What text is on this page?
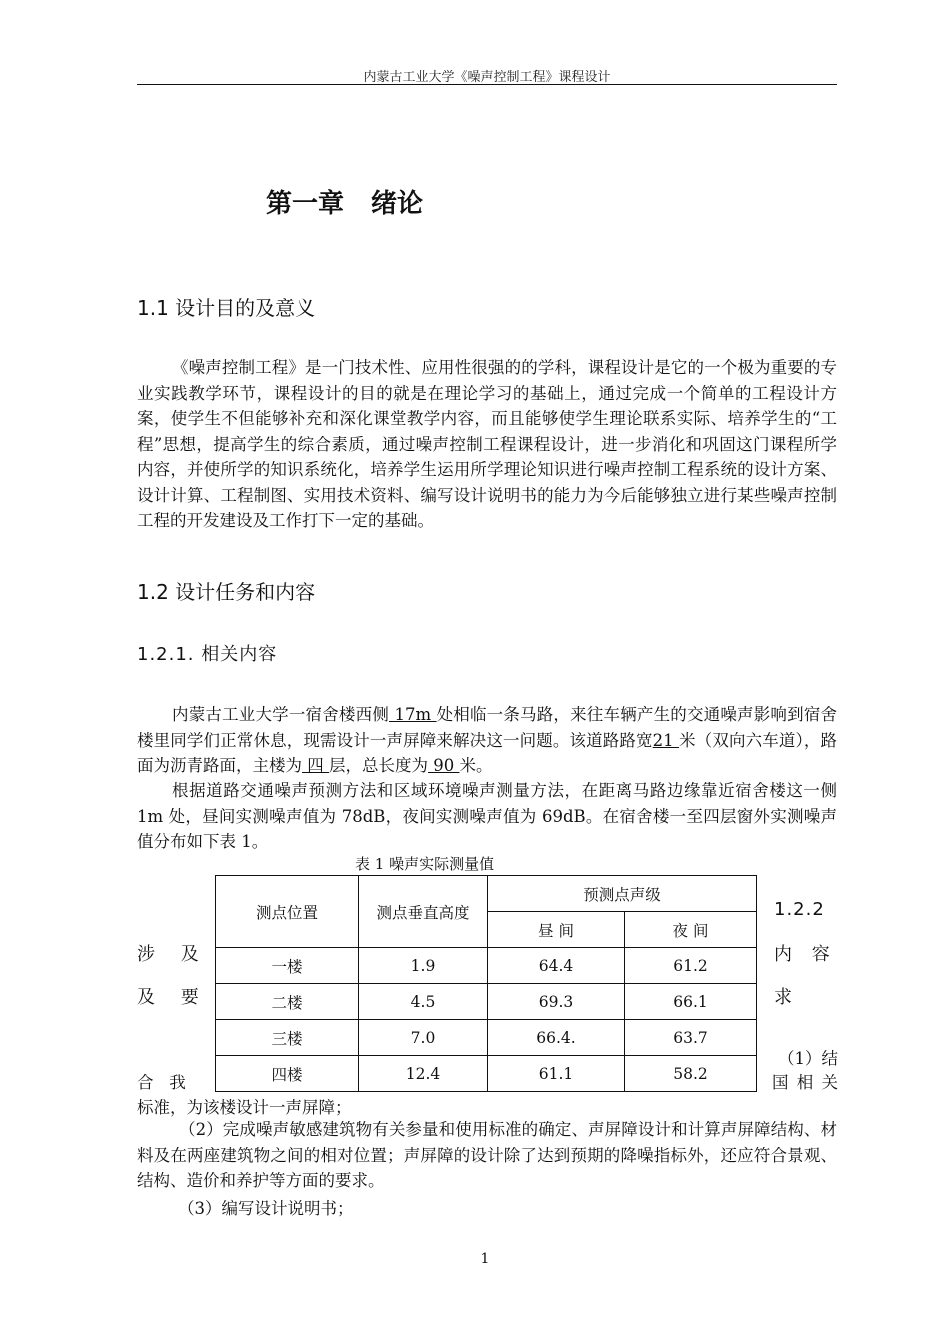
内蒙古工业大学《噪声控制工程》课程设计
第一章 绪论
1.1 设计目的及意义
《噪声控制工程》是一门技术性、应用性很强的的学科，课程设计是它的一个极为重要的专业实践教学环节，课程设计的目的就是在理论学习的基础上，通过完成一个简单的工程设计方案，使学生不但能够补充和深化课堂教学内容，而且能够使学生理论联系实际、培养学生的“工程”思想，提高学生的综合素质，通过噪声控制工程课程设计，进一步消化和巩固这门课程所学内容，并使所学的知识系统化，培养学生运用所学理论知识进行噪声控制工程系统的设计方案、设计计算、工程制图、实用技术资料、编写设计说明书的能力为今后能够独立进行某些噪声控制工程的开发建设及工作打下一定的基础。
1.2 设计任务和内容
1.2.1. 相关内容
内蒙古工业大学一宿舍楼西侧 17m 处相临一条马路，来往车辆产生的交通噪声影响到宿舍楼里同学们正常休息，现需设计一声屏障来解决这一问题。该道路路宽21 米（双向六车道），路面为沥青路面，主楼为 四 层，总长度为 90 米。
根据道路交通噪声预测方法和区域环境噪声测量方法，在距离马路边缘靠近宿舍楼这一侧 1m 处，昼间实测噪声值为 78dB，夜间实测噪声值为 69dB。在宿舍楼一至四层窗外实测噪声值分布如下表 1。
表 1 噪声实际测量值
测点位置	测点垂直高度	预测点声级	
		昼 间	夜 间
一楼	1.9	64.4	61.2
二楼	4.5	69.3	66.1
三楼	7.0	66.4.	63.7
四楼	12.4	61.1	58.2
1.2.2
内 容
求
涉 及
及 要
（1）结
国 相 关
合   我
标准，为该楼设计一声屏障；
（2）完成噪声敏感建筑物有关参量和使用标准的确定、声屏障设计和计算声屏障结构、材料及在两座建筑物之间的相对位置；声屏障的设计除了达到预期的降噪指标外，还应符合景观、结构、造价和养护等方面的要求。
（3）编写设计说明书；
1
